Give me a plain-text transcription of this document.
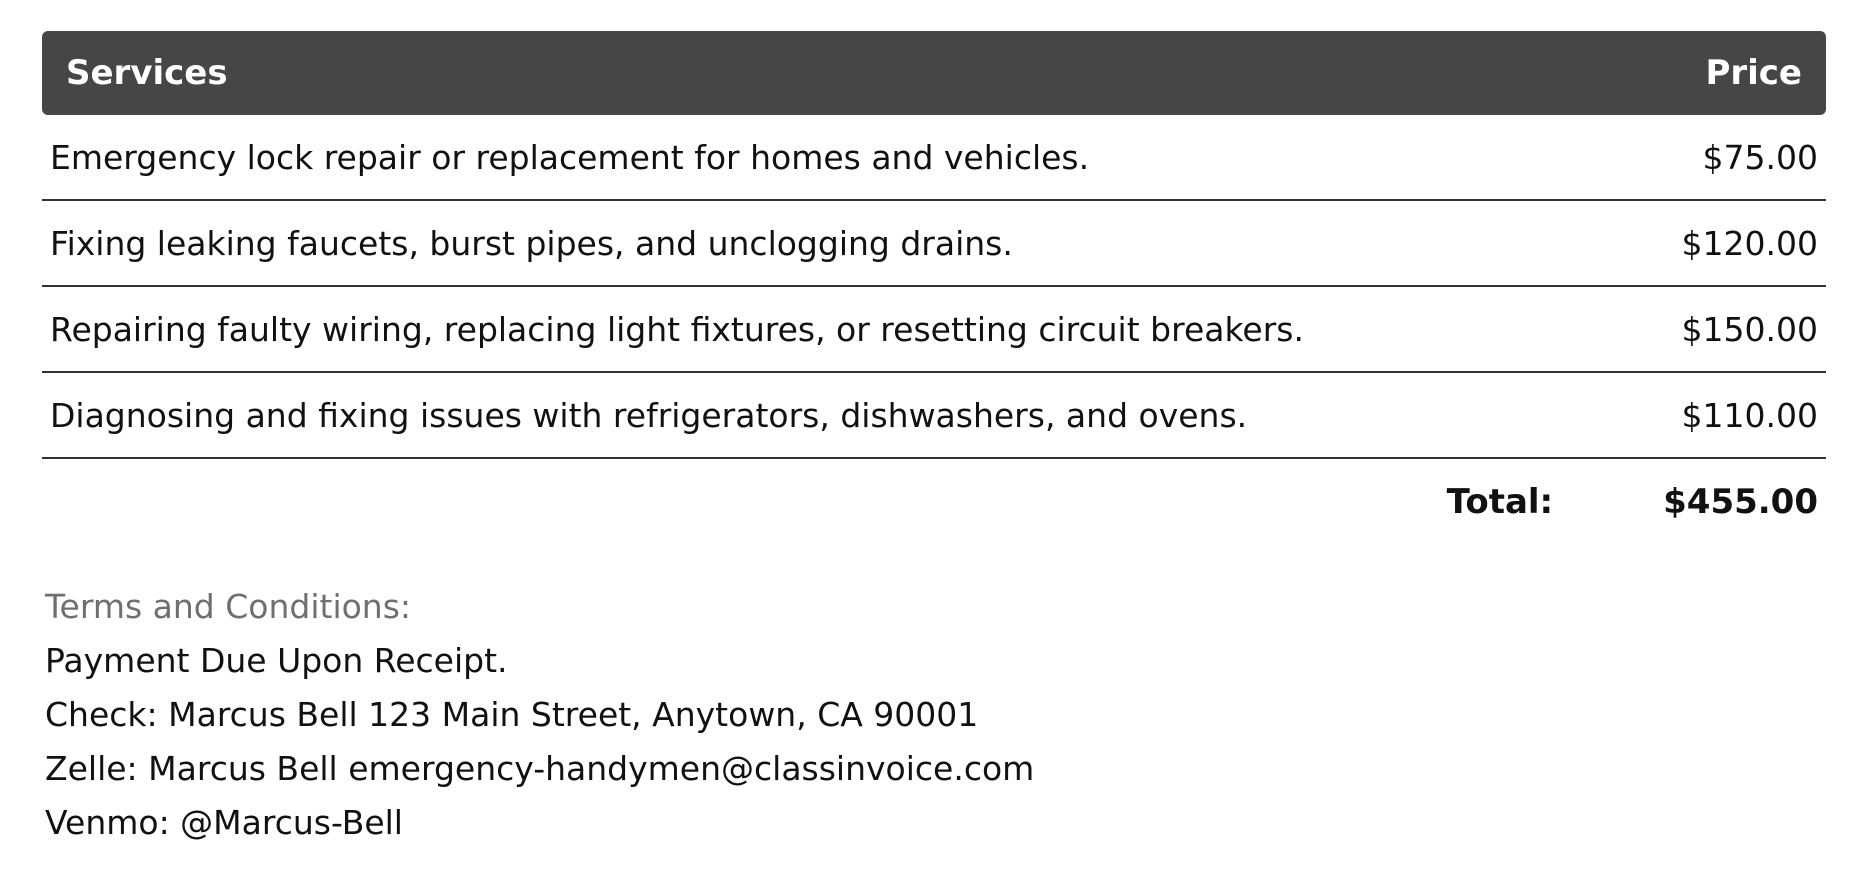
Services	Price
Emergency lock repair or replacement for homes and vehicles.	$75.00
Fixing leaking faucets, burst pipes, and unclogging drains.	$120.00
Repairing faulty wiring, replacing light fixtures, or resetting circuit breakers.	$150.00
Diagnosing and fixing issues with refrigerators, dishwashers, and ovens.	$110.00
Total:	$455.00
Terms and Conditions:
Payment Due Upon Receipt.
Check: Marcus Bell 123 Main Street, Anytown, CA 90001
Zelle: Marcus Bell emergency-handymen@classinvoice.com
Venmo: @Marcus-Bell
